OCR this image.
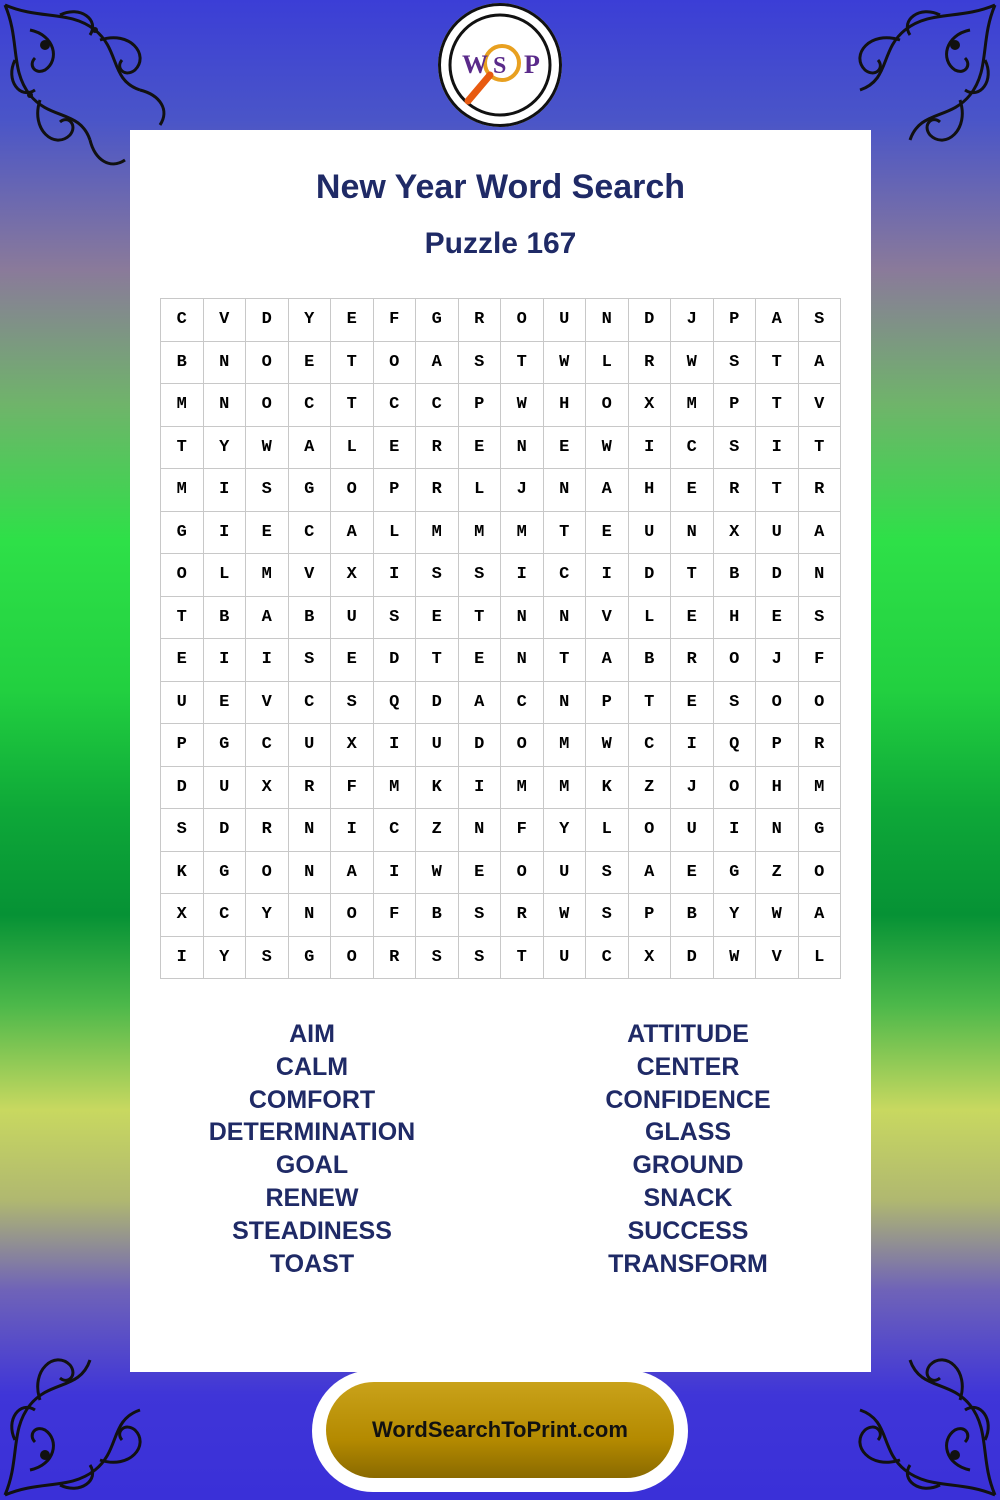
W S P
New Year Word Search
Puzzle 167
C	V	D	Y	E	F	G	R	O	U	N	D	J	P	A	S
B	N	O	E	T	O	A	S	T	W	L	R	W	S	T	A
M	N	O	C	T	C	C	P	W	H	O	X	M	P	T	V
T	Y	W	A	L	E	R	E	N	E	W	I	C	S	I	T
M	I	S	G	O	P	R	L	J	N	A	H	E	R	T	R
G	I	E	C	A	L	M	M	M	T	E	U	N	X	U	A
O	L	M	V	X	I	S	S	I	C	I	D	T	B	D	N
T	B	A	B	U	S	E	T	N	N	V	L	E	H	E	S
E	I	I	S	E	D	T	E	N	T	A	B	R	O	J	F
U	E	V	C	S	Q	D	A	C	N	P	T	E	S	O	O
P	G	C	U	X	I	U	D	O	M	W	C	I	Q	P	R
D	U	X	R	F	M	K	I	M	M	K	Z	J	O	H	M
S	D	R	N	I	C	Z	N	F	Y	L	O	U	I	N	G
K	G	O	N	A	I	W	E	O	U	S	A	E	G	Z	O
X	C	Y	N	O	F	B	S	R	W	S	P	B	Y	W	A
I	Y	S	G	O	R	S	S	T	U	C	X	D	W	V	L
AIM
CALM
COMFORT
DETERMINATION
GOAL
RENEW
STEADINESS
TOAST
ATTITUDE
CENTER
CONFIDENCE
GLASS
GROUND
SNACK
SUCCESS
TRANSFORM
WordSearchToPrint.com
